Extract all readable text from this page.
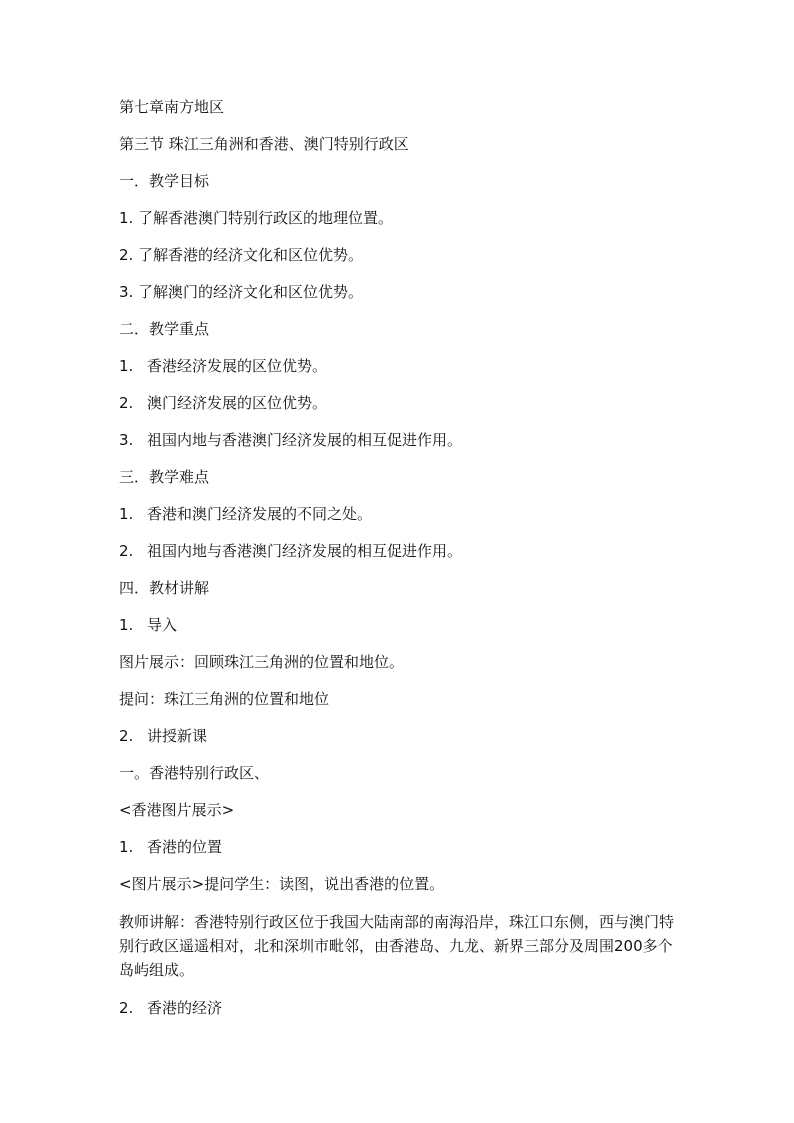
第七章南方地区

第三节 珠江三角洲和香港、澳门特别行政区

一．教学目标

1. 了解香港澳门特别行政区的地理位置。

2. 了解香港的经济文化和区位优势。

3. 了解澳门的经济文化和区位优势。

二．教学重点

1. 香港经济发展的区位优势。

2. 澳门经济发展的区位优势。

3. 祖国内地与香港澳门经济发展的相互促进作用。

三．教学难点

1. 香港和澳门经济发展的不同之处。

2. 祖国内地与香港澳门经济发展的相互促进作用。

四．教材讲解

1. 导入

图片展示：回顾珠江三角洲的位置和地位。

提问：珠江三角洲的位置和地位

2. 讲授新课

一。香港特别行政区、

<香港图片展示>

1. 香港的位置

<图片展示>提问学生：读图，说出香港的位置。

教师讲解：香港特别行政区位于我国大陆南部的南海沿岸，珠江口东侧，西与澳门特别行政区遥遥相对，北和深圳市毗邻，由香港岛、九龙、新界三部分及周围200多个岛屿组成。

2. 香港的经济
